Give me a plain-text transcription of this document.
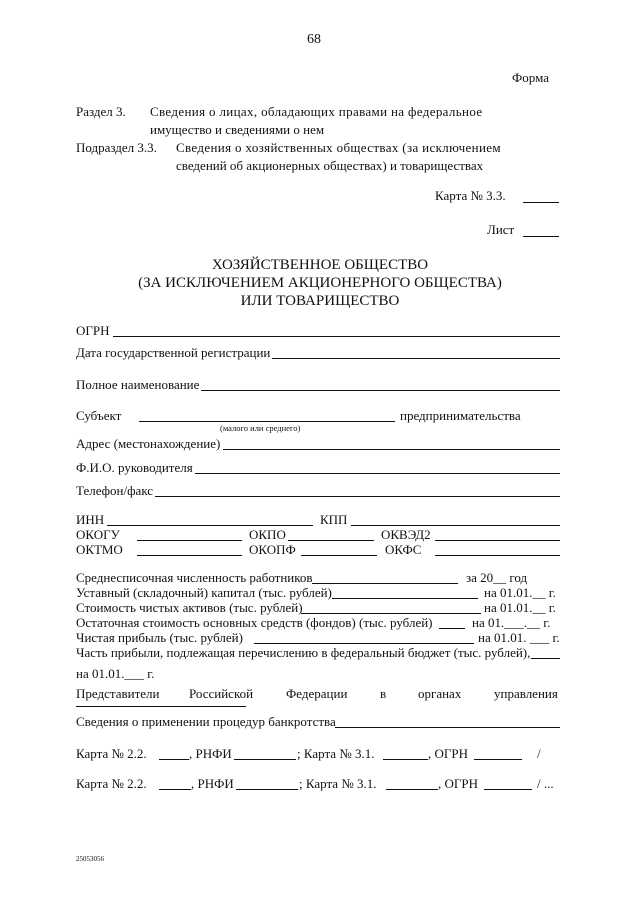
68
Форма
Раздел 3. Сведения о лицах, обладающих правами на федеральное
имущество и сведениями о нем
Подраздел 3.3. Сведения о хозяйственных обществах (за исключением
сведений об акционерных обществах) и товариществах
Карта № 3.3.
Лист
ХОЗЯЙСТВЕННОЕ ОБЩЕСТВО
(ЗА ИСКЛЮЧЕНИЕМ АКЦИОНЕРНОГО ОБЩЕСТВА)
ИЛИ ТОВАРИЩЕСТВО
ОГРН
Дата государственной регистрации
Полное наименование
Субъект	предпринимательства
(малого или среднего)
Адрес (местонахождение)
Ф.И.О. руководителя
Телефон/факс
ИНН	КПП
ОКОГУ	ОКПО	ОКВЭД2
ОКТМО	ОКОПФ	ОКФС
Среднесписочная численность работников	за 20__ год
Уставный (складочный) капитал (тыс. рублей)	на 01.01.__ г.
Стоимость чистых активов (тыс. рублей)	на 01.01.__ г.
Остаточная стоимость основных средств (фондов) (тыс. рублей)	на 01.___.__ г.
Чистая прибыль (тыс. рублей)	на 01.01. ___ г.
Часть прибыли, подлежащая перечислению в федеральный бюджет (тыс. рублей),
на 01.01.___ г.
Представители Российской	Федерации	в органах	управления
Сведения о применении процедур банкротства
Карта № 2.2.	, РНФИ	; Карта № 3.1.	, ОГРН	/
Карта № 2.2.	, РНФИ	; Карта № 3.1.	, ОГРН	/ ...
25053056
